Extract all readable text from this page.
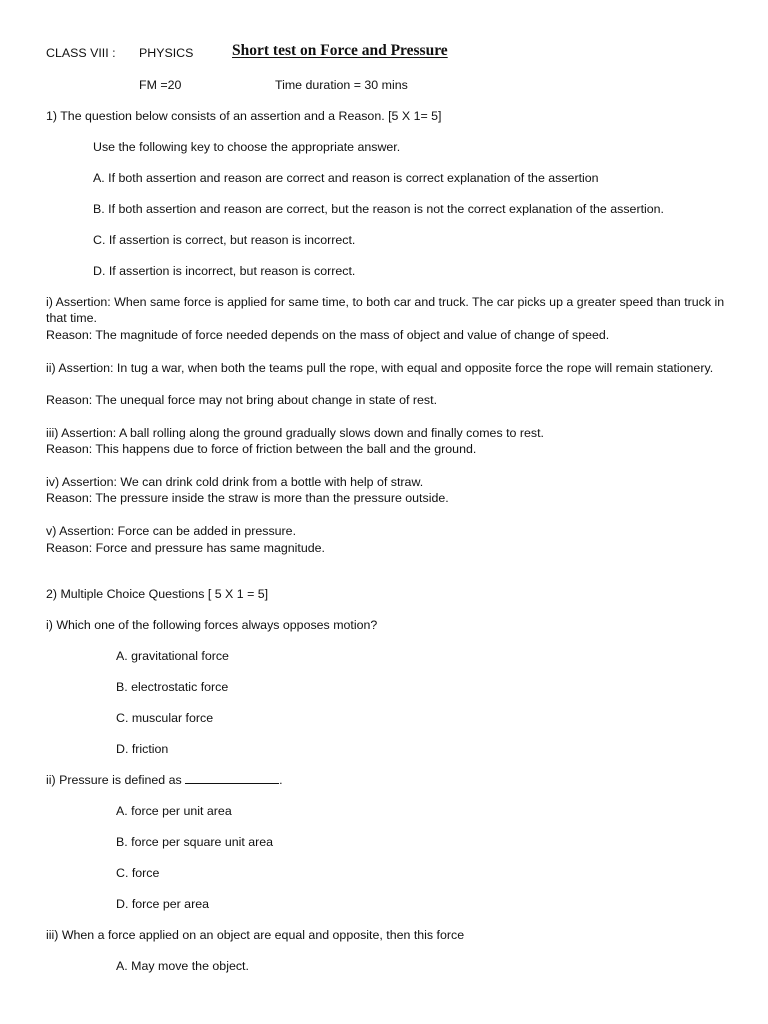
CLASS VIII : PHYSICS Short test on Force and Pressure
FM =20	Time duration = 30 mins
1) The question below consists of an assertion and a Reason. [5 X 1= 5]
Use the following key to choose the appropriate answer.
A. If both assertion and reason are correct and reason is correct explanation of the assertion
B. If both assertion and reason are correct, but the reason is not the correct explanation of the assertion.
C. If assertion is correct, but reason is incorrect.
D. If assertion is incorrect, but reason is correct.
i) Assertion: When same force is applied for same time, to both car and truck. The car picks up a greater speed than truck in that time.
Reason: The magnitude of force needed depends on the mass of object and value of change of speed.
ii) Assertion: In tug a war, when both the teams pull the rope, with equal and opposite force the rope will remain stationery.
Reason: The unequal force may not bring about change in state of rest.
iii) Assertion: A ball rolling along the ground gradually slows down and finally comes to rest.
Reason: This happens due to force of friction between the ball and the ground.
iv) Assertion: We can drink cold drink from a bottle with help of straw.
Reason: The pressure inside the straw is more than the pressure outside.
v) Assertion: Force can be added in pressure.
Reason: Force and pressure has same magnitude.
2) Multiple Choice Questions [ 5 X 1 = 5]
i) Which one of the following forces always opposes motion?
A. gravitational force
B. electrostatic force
C. muscular force
D. friction
ii) Pressure is defined as	.
A. force per unit area
B. force per square unit area
C. force
D. force per area
iii) When a force applied on an object are equal and opposite, then this force
A. May move the object.
